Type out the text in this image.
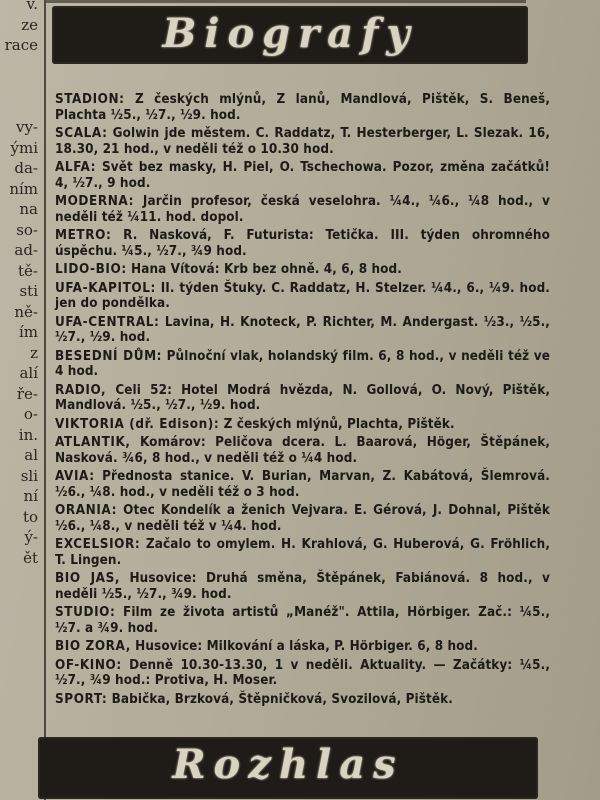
v.
ze
race
vy-
ými
da-
ním
na
so-
ad-
tě-
sti
ně-
ím
z
alí
ře-
o-
in.
al
sli
ní
to
ý-
ět
Biografy

STADION: Z českých mlýnů, Z lanů, Mandlová, Pištěk, S. Beneš, Plachta ½5., ½7., ½9. hod.

SCALA: Golwin jde městem. C. Raddatz, T. Hesterberger, L. Slezak. 16, 18.30, 21 hod., v neděli též o 10.30 hod.

ALFA: Svět bez masky, H. Piel, O. Tschechowa. Pozor, změna začátků! 4, ½7., 9 hod.

MODERNA: Jarčin profesor, česká veselohra. ¼4., ¼6., ¼8 hod., v neděli též ¼11. hod. dopol.

METRO: R. Nasková, F. Futurista: Tetička. III. týden ohromného úspěchu. ¼5., ½7., ¾9 hod.

LIDO-BIO: Hana Vítová: Krb bez ohně. 4, 6, 8 hod.

UFA-KAPITOL: II. týden Štuky. C. Raddatz, H. Stelzer. ¼4., 6., ¼9. hod. jen do pondělka.

UFA-CENTRAL: Lavina, H. Knoteck, P. Richter, M. Andergast. ½3., ½5., ½7., ½9. hod.

BESEDNÍ DŮM: Půlnoční vlak, holandský film. 6, 8 hod., v neděli též ve 4 hod.

RADIO, Celi 52: Hotel Modrá hvězda, N. Gollová, O. Nový, Pištěk, Mandlová. ½5., ½7., ½9. hod.

VIKTORIA (dř. Edison): Z českých mlýnů, Plachta, Pištěk.

ATLANTIK, Komárov: Peličova dcera. L. Baarová, Höger, Štěpánek, Nasková. ¾6, 8 hod., v neděli též o ¼4 hod.

AVIA: Přednosta stanice. V. Burian, Marvan, Z. Kabátová, Šlemrová. ½6., ¼8. hod., v neděli též o 3 hod.

ORANIA: Otec Kondelík a ženich Vejvara. E. Gérová, J. Dohnal, Pištěk ½6., ¼8., v neděli též v ¼4. hod.

EXCELSIOR: Začalo to omylem. H. Krahlová, G. Huberová, G. Fröhlich, T. Lingen.

BIO JAS, Husovice: Druhá směna, Štěpánek, Fabiánová. 8 hod., v neděli ½5., ½7., ¾9. hod.

STUDIO: Film ze života artistů „Manéž". Attila, Hörbiger. Zač.: ¼5., ½7. a ¾9. hod.

BIO ZORA, Husovice: Milkování a láska, P. Hörbiger. 6, 8 hod.

OF-KINO: Denně 10.30-13.30, 1 v neděli. Aktuality. — Začátky: ¼5., ½7., ¾9 hod.: Protiva, H. Moser.

SPORT: Babička, Brzková, Štěpničková, Svozilová, Pištěk.

Rozhlas
